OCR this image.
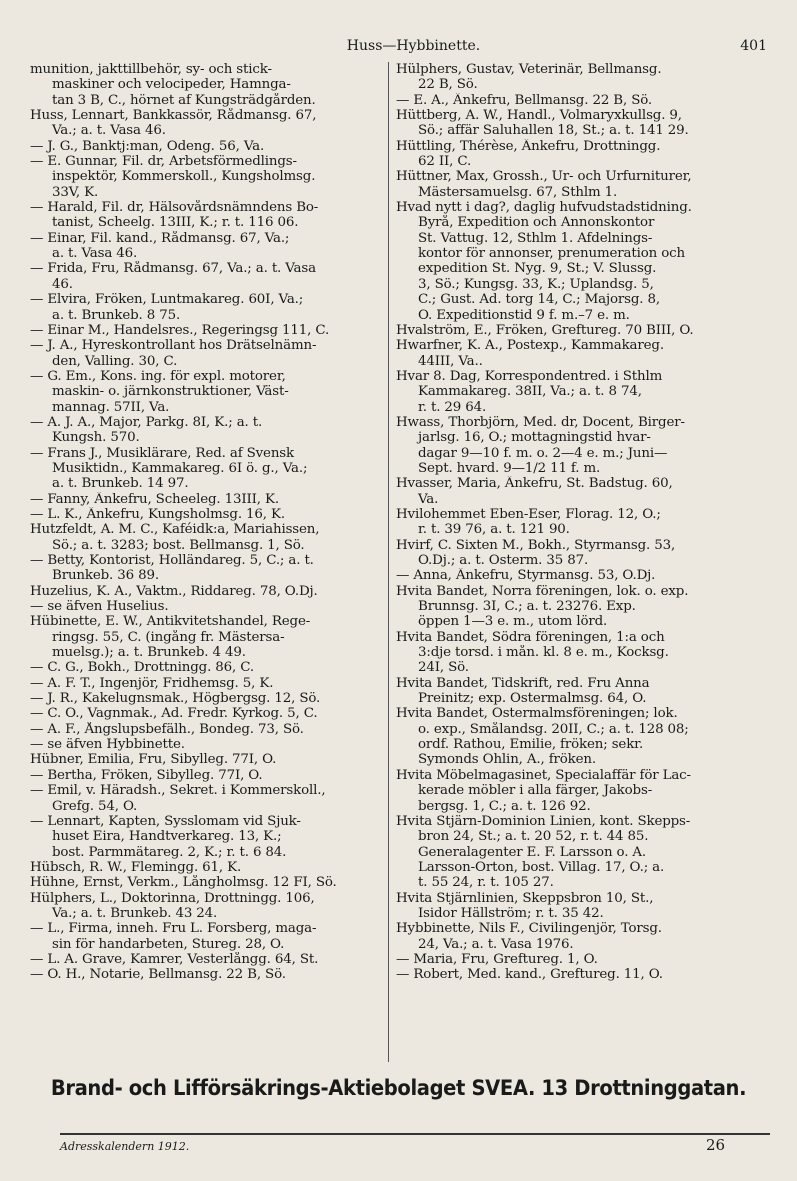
Huss—Hybbinette.	401
munition, jakttillbehör, sy- och stick-
maskiner och velocipeder, Hamnga-
tan 3 B, C., hörnet af Kungsträdgården.
Huss, Lennart, Bankkassör, Rådmansg. 67,
Va.; a. t. Vasa 46.
— J. G., Banktj:man, Odeng. 56, Va.
— E. Gunnar, Fil. dr, Arbetsförmedlings-
inspektör, Kommerskoll., Kungsholmsg.
33V, K.
— Harald, Fil. dr, Hälsovårdsnämndens Bo-
tanist, Scheelg. 13III, K.; r. t. 116 06.
— Einar, Fil. kand., Rådmansg. 67, Va.;
a. t. Vasa 46.
— Frida, Fru, Rådmansg. 67, Va.; a. t. Vasa
46.
— Elvira, Fröken, Luntmakareg. 60I, Va.;
a. t. Brunkeb. 8 75.
— Einar M., Handelsres., Regeringsg 111, C.
— J. A., Hyreskontrollant hos Drätselnämn-
den, Valling. 30, C.
— G. Em., Kons. ing. för expl. motorer,
maskin- o. järnkonstruktioner, Väst-
mannag. 57II, Va.
— A. J. A., Major, Parkg. 8I, K.; a. t.
Kungsh. 570.
— Frans J., Musiklärare, Red. af Svensk
Musiktidn., Kammakareg. 6I ö. g., Va.;
a. t. Brunkeb. 14 97.
— Fanny, Änkefru, Scheeleg. 13III, K.
— L. K., Änkefru, Kungsholmsg. 16, K.
Hutzfeldt, A. M. C., Kaféidk:a, Mariahissen,
Sö.; a. t. 3283; bost. Bellmansg. 1, Sö.
— Betty, Kontorist, Holländareg. 5, C.; a. t.
Brunkeb. 36 89.
Huzelius, K. A., Vaktm., Riddareg. 78, Ö.Dj.
— se äfven Huselius.
Hübinette, E. W., Antikvitetshandel, Rege-
ringsg. 55, C. (ingång fr. Mästersa-
muelsg.); a. t. Brunkeb. 4 49.
— C. G., Bokh., Drottningg. 86, C.
— A. F. T., Ingenjör, Fridhemsg. 5, K.
— J. R., Kakelugnsmak., Högbergsg. 12, Sö.
— C. O., Vagnmak., Ad. Fredr. Kyrkog. 5, C.
— A. F., Ångslupsbefälh., Bondeg. 73, Sö.
— se äfven Hybbinette.
Hübner, Emilia, Fru, Sibylleg. 77I, Ö.
— Bertha, Fröken, Sibylleg. 77I, Ö.
— Emil, v. Häradsh., Sekret. i Kommerskoll.,
Grefg. 54, Ö.
— Lennart, Kapten, Sysslomam vid Sjuk-
huset Eira, Handtverkareg. 13, K.;
bost. Parmmätareg. 2, K.; r. t. 6 84.
Hübsch, R. W., Flemingg. 61, K.
Hühne, Ernst, Verkm., Långholmsg. 12 FI, Sö.
Hülphers, L., Doktorinna, Drottningg. 106,
Va.; a. t. Brunkeb. 43 24.
— L., Firma, inneh. Fru L. Forsberg, maga-
sin för handarbeten, Stureg. 28, Ö.
— L. A. Grave, Kamrer, Vesterlångg. 64, St.
— O. H., Notarie, Bellmansg. 22 B, Sö.
Hülphers, Gustav, Veterinär, Bellmansg.
22 B, Sö.
— E. A., Änkefru, Bellmansg. 22 B, Sö.
Hüttberg, A. W., Handl., Volmaryxkullsg. 9,
Sö.; affär Saluhallen 18, St.; a. t. 141 29.
Hüttling, Thérèse, Änkefru, Drottningg.
62 II, C.
Hüttner, Max, Grossh., Ur- och Urfurniturer,
Mästersamuelsg. 67, Sthlm 1.
Hvad nytt i dag?, daglig hufvudstadstidning.
Byrå, Expedition och Annonskontor
St. Vattug. 12, Sthlm 1. Afdelnings-
kontor för annonser, prenumeration och
expedition St. Nyg. 9, St.; V. Slussg.
3, Sö.; Kungsg. 33, K.; Uplandsg. 5,
C.; Gust. Ad. torg 14, C.; Majorsg. 8,
Ö. Expeditionstid 9 f. m.–7 e. m.
Hvalström, E., Fröken, Greftureg. 70 BIII, Ö.
Hwarfner, K. A., Postexp., Kammakareg.
44III, Va..
Hvar 8. Dag, Korrespondentred. i Sthlm
Kammakareg. 38II, Va.; a. t. 8 74,
r. t. 29 64.
Hwass, Thorbjörn, Med. dr, Docent, Birger-
jarlsg. 16, Ö.; mottagningstid hvar-
dagar 9—10 f. m. o. 2—4 e. m.; Juni—
Sept. hvard. 9—1/2 11 f. m.
Hvasser, Maria, Änkefru, St. Badstug. 60,
Va.
Hvilohemmet Eben-Eser, Florag. 12, Ö.;
r. t. 39 76, a. t. 121 90.
Hvirf, C. Sixten M., Bokh., Styrmansg. 53,
Ö.Dj.; a. t. Österm. 35 87.
— Anna, Änkefru, Styrmansg. 53, Ö.Dj.
Hvita Bandet, Norra föreningen, lok. o. exp.
Brunnsg. 3I, C.; a. t. 23276. Exp.
öppen 1—3 e. m., utom lörd.
Hvita Bandet, Södra föreningen, 1:a och
3:dje torsd. i mån. kl. 8 e. m., Kocksg.
24I, Sö.
Hvita Bandet, Tidskrift, red. Fru Anna
Preinitz; exp. Östermalmsg. 64, Ö.
Hvita Bandet, Östermalmsföreningen; lok.
o. exp., Smålandsg. 20II, C.; a. t. 128 08;
ordf. Rathou, Emilie, fröken; sekr.
Symonds Ohlin, A., fröken.
Hvita Möbelmagasinet, Specialaffär för Lac-
kerade möbler i alla färger, Jakobs-
bergsg. 1, C.; a. t. 126 92.
Hvita Stjärn-Dominion Linien, kont. Skepps-
bron 24, St.; a. t. 20 52, r. t. 44 85.
Generalagenter E. F. Larsson o. A.
Larsson-Orton, bost. Villag. 17, Ö.; a.
t. 55 24, r. t. 105 27.
Hvita Stjärnlinien, Skeppsbron 10, St.,
Isidor Hällström; r. t. 35 42.
Hybbinette, Nils F., Civilingenjör, Torsg.
24, Va.; a. t. Vasa 1976.
— Maria, Fru, Greftureg. 1, Ö.
— Robert, Med. kand., Greftureg. 11, Ö.
Brand- och Lifförsäkrings-Aktiebolaget SVEA. 13 Drottninggatan.
Adresskalendern 1912.	26
